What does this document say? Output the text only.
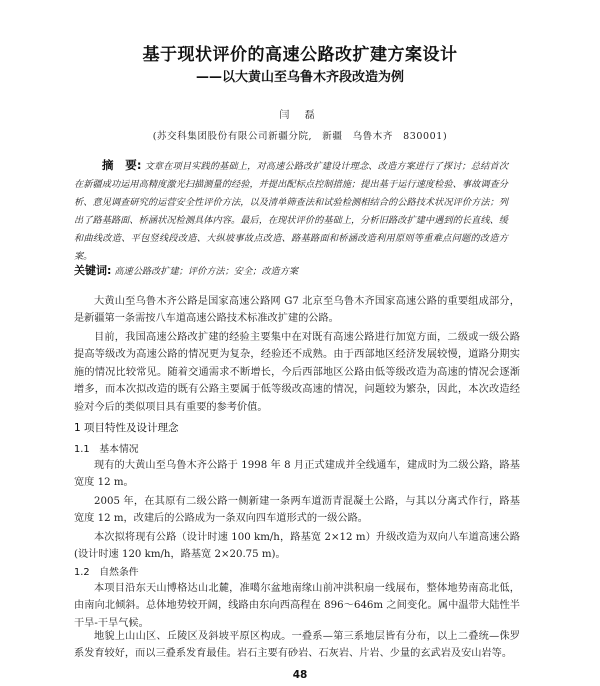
基于现状评价的高速公路改扩建方案设计
——以大黄山至乌鲁木齐段改造为例
闫 磊
(苏交科集团股份有限公司新疆分院,　新疆　乌鲁木齐　830001)
摘　要: 文章在项目实践的基础上，对高速公路改扩建设计理念、改造方案进行了探讨；总结首次在新疆成功运用高精度激光扫描测量的经验，并提出配标点控制措施；提出基于运行速度检验、事故调查分析、意见调查研究的运营安全性评价方法，以及清单筛查法和试验检测相结合的公路技术状况评价方法；列出了路基路面、桥涵状况检测具体内容。最后，在现状评价的基础上，分析旧路改扩建中遇到的长直线、缓和曲线改造、平包竖线段改造、大纵坡事故点改造、路基路面和桥涵改造利用原则等重难点问题的改造方案。
关键词: 高速公路改扩建；评价方法；安全；改造方案
大黄山至乌鲁木齐公路是国家高速公路网 G7 北京至乌鲁木齐国家高速公路的重要组成部分，是新疆第一条需按八车道高速公路技术标准改扩建的公路。
目前，我国高速公路改扩建的经验主要集中在对既有高速公路进行加宽方面，二级或一级公路提高等级改为高速公路的情况更为复杂，经验还不成熟。由于西部地区经济发展较慢，道路分期实施的情况比较常见。随着交通需求不断增长，今后西部地区公路由低等级改造为高速的情况会逐渐增多，而本次拟改造的既有公路主要属于低等级改高速的情况，问题较为繁杂，因此，本次改造经验对今后的类似项目具有重要的参考价值。
1 项目特性及设计理念
1.1　基本情况
现有的大黄山至乌鲁木齐公路于 1998 年 8 月正式建成并全线通车，建成时为二级公路，路基宽度 12 m。
2005 年，在其原有二级公路一侧新建一条两车道沥青混凝土公路，与其以分离式作行，路基宽度 12 m，改建后的公路成为一条双向四车道形式的一级公路。
本次拟将现有公路（设计时速 100 km/h，路基宽 2×12 m）升级改造为双向八车道高速公路(设计时速 120 km/h，路基宽 2×20.75 m)。
1.2　自然条件
本项目沿东天山博格达山北麓，准噶尔盆地南缘山前冲洪积扇一线展布，整体地势南高北低，由南向北倾斜。总体地势较开阔，线路由东向西高程在 896～646m 之间变化。属中温带大陆性半干旱-干旱气候。
地貌上山山区、丘陵区及斜坡平原区构成。一叠系—第三系地层皆有分布，以上二叠统—侏罗系发育较好，而以三叠系发育最佳。岩石主要有砂岩、石灰岩、片岩、少量的玄武岩及安山岩等。
48
